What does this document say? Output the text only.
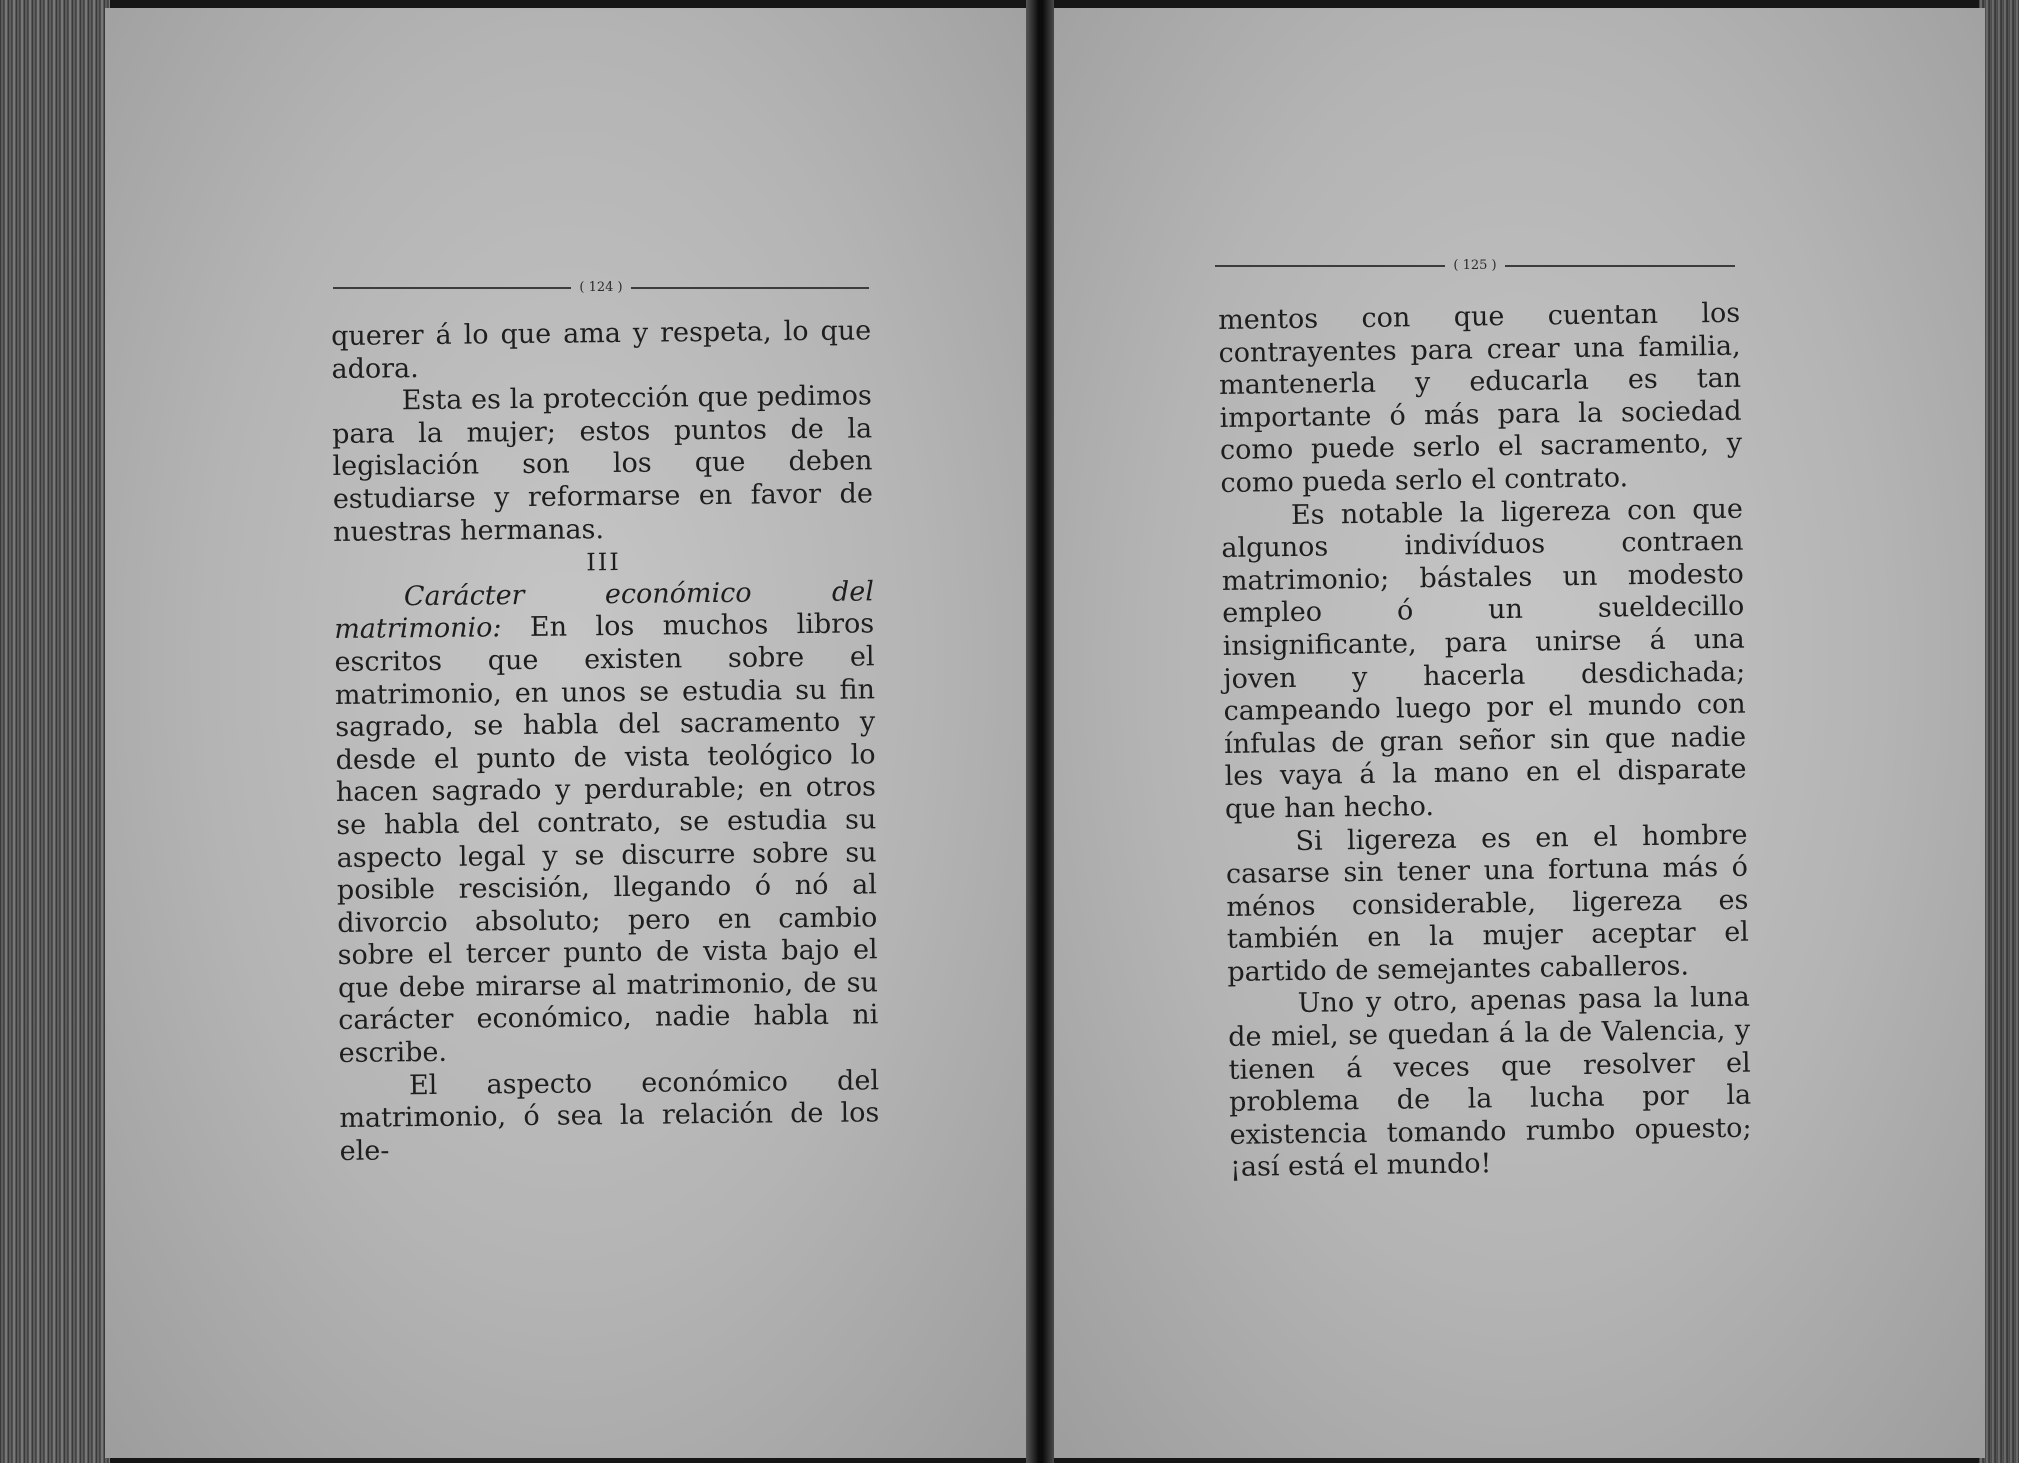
( 124 )

querer á lo que ama y respeta, lo que adora.

Esta es la protección que pedimos para la mujer; estos puntos de la legislación son los que deben estudiarse y reformarse en favor de nuestras hermanas.

III

Carácter económico del matrimonio: En los muchos libros escritos que existen sobre el matrimonio, en unos se estudia su fin sagrado, se habla del sacramento y desde el punto de vista teológico lo hacen sagrado y perdurable; en otros se habla del contrato, se estudia su aspecto legal y se discurre sobre su posible rescisión, llegando ó nó al divorcio absoluto; pero en cambio sobre el tercer punto de vista bajo el que debe mirarse al matrimonio, de su carácter económico, nadie habla ni escribe.

El aspecto económico del matrimonio, ó sea la relación de los ele-

( 125 )

mentos con que cuentan los contrayentes para crear una familia, mantenerla y educarla es tan importante ó más para la sociedad como puede serlo el sacramento, y como pueda serlo el contrato.

Es notable la ligereza con que algunos indivíduos contraen matrimonio; bástales un modesto empleo ó un sueldecillo insignificante, para unirse á una joven y hacerla desdichada; campeando luego por el mundo con ínfulas de gran señor sin que nadie les vaya á la mano en el disparate que han hecho.

Si ligereza es en el hombre casarse sin tener una fortuna más ó ménos considerable, ligereza es también en la mujer aceptar el partido de semejantes caballeros.

Uno y otro, apenas pasa la luna de miel, se quedan á la de Valencia, y tienen á veces que resolver el problema de la lucha por la existencia tomando rumbo opuesto; ¡así está el mundo!
